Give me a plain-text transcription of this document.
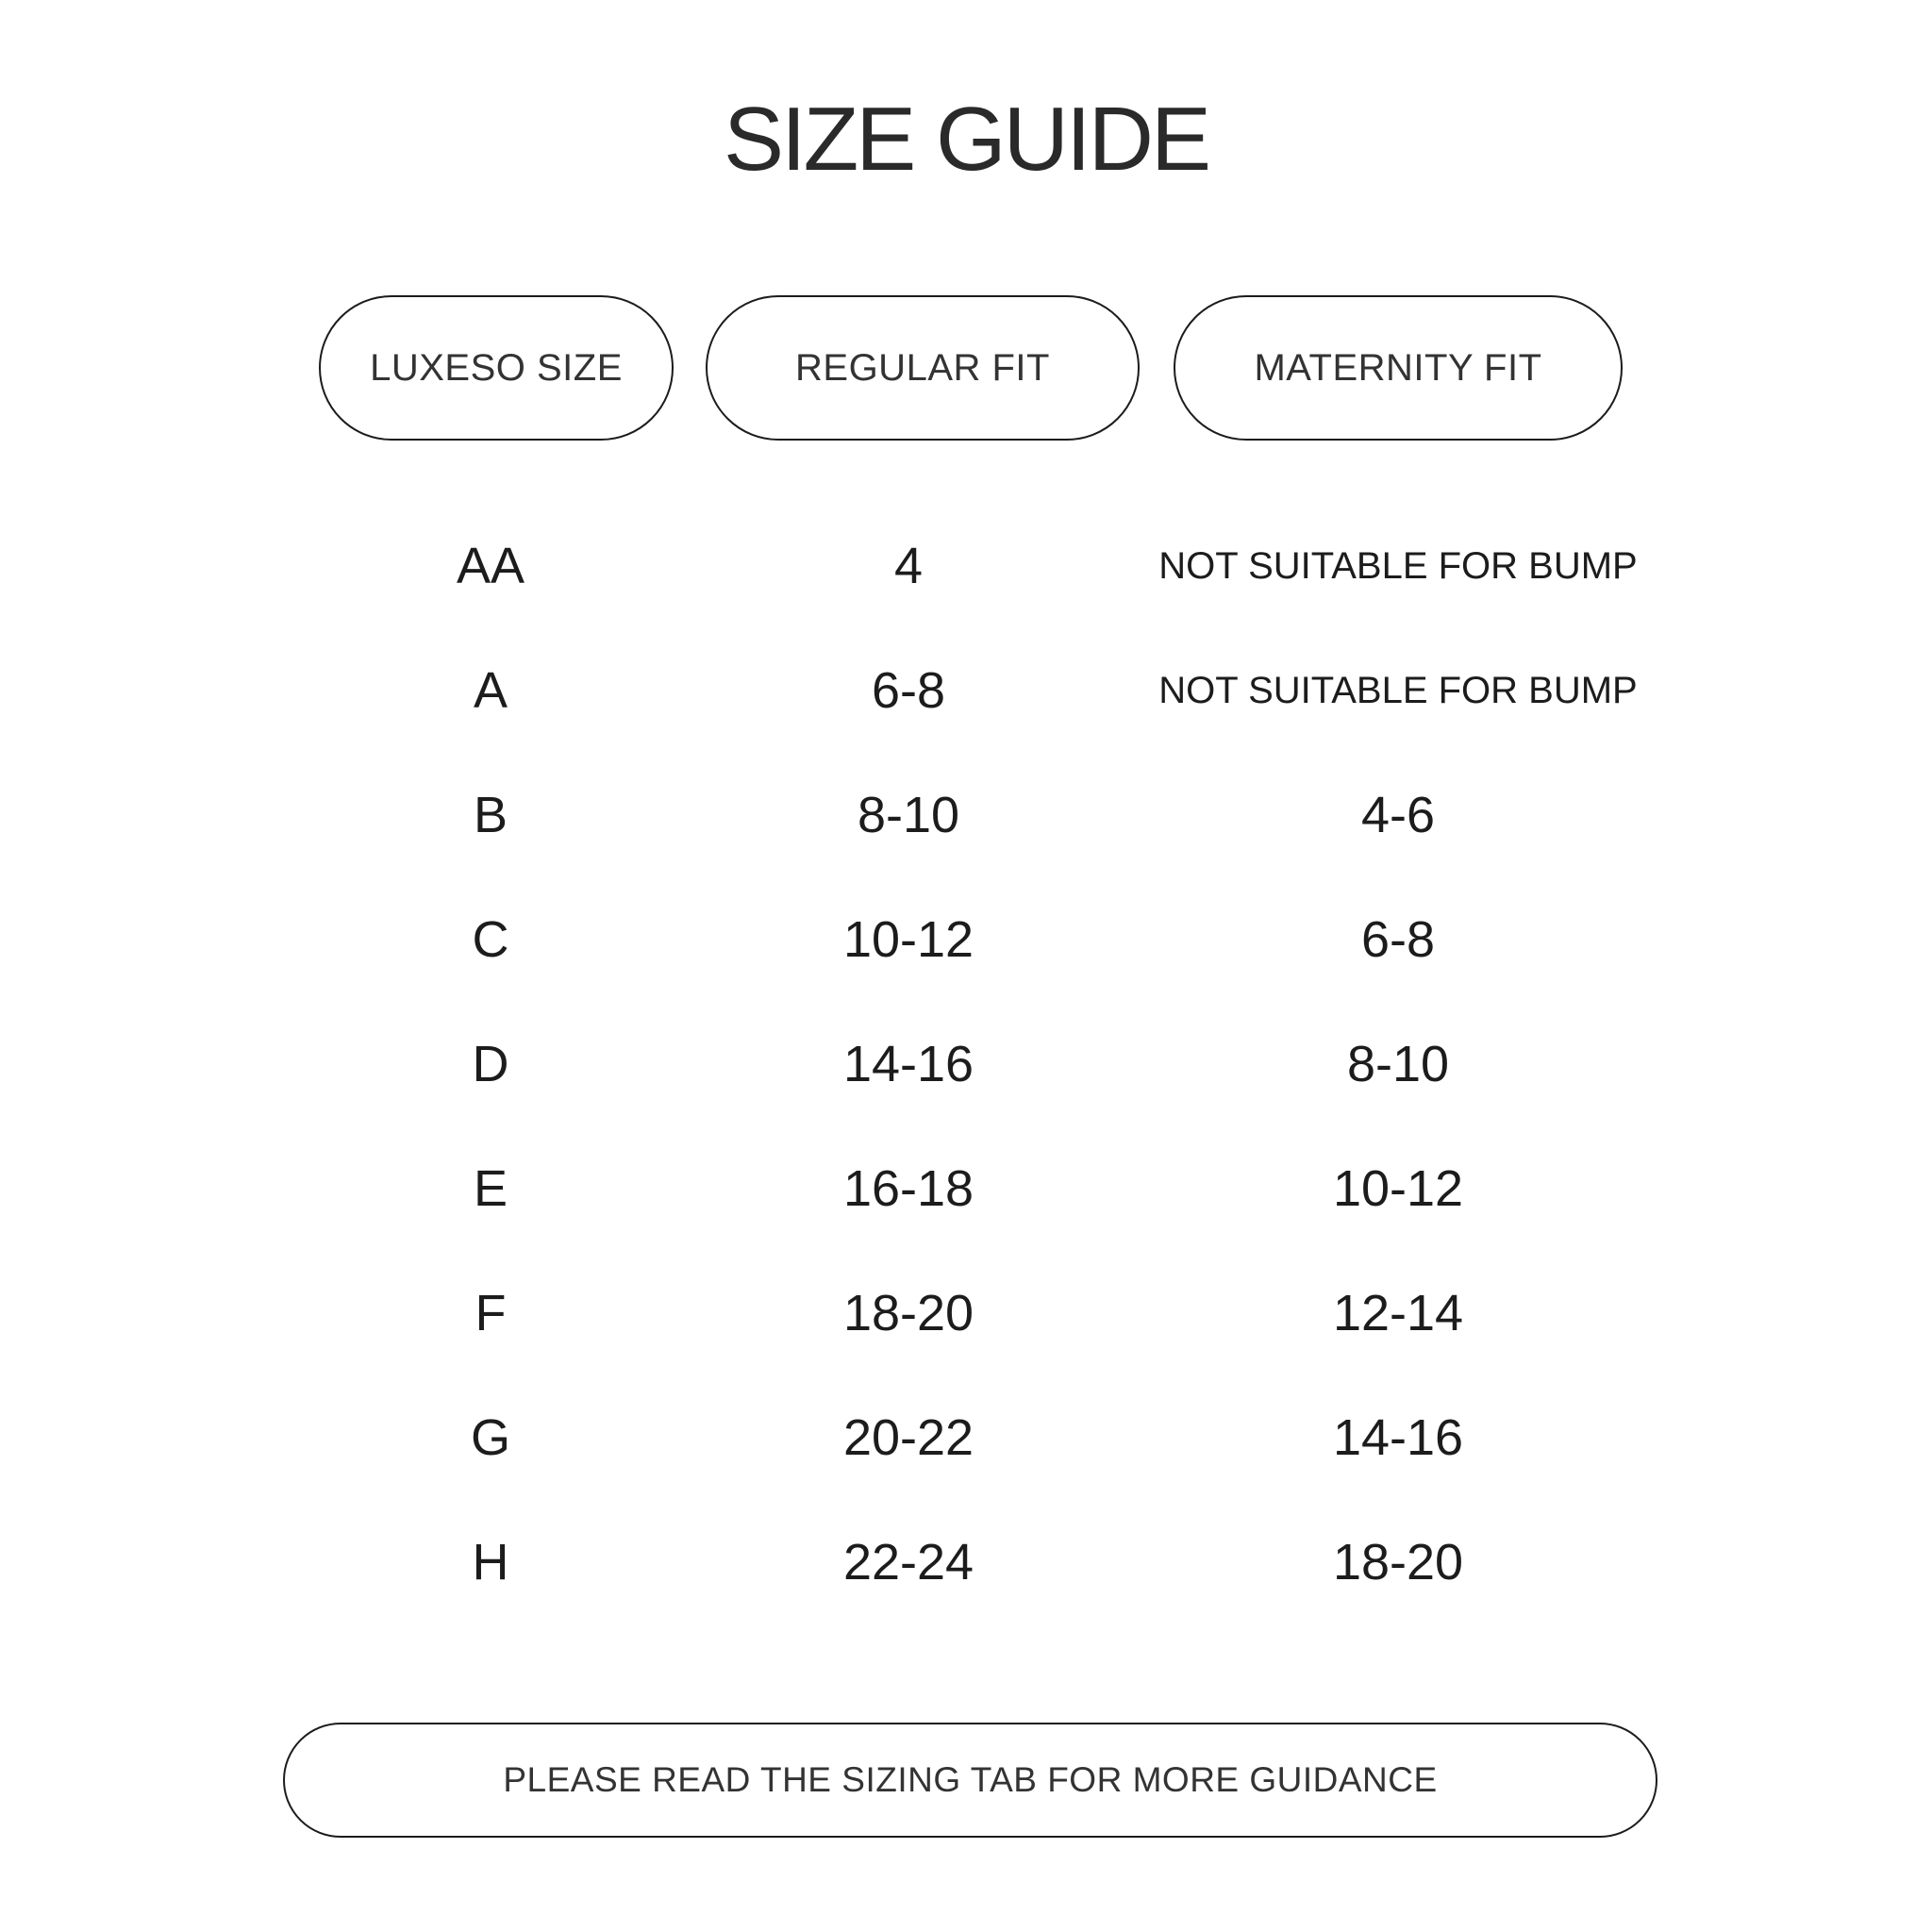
SIZE GUIDE
LUXESO SIZE	REGULAR FIT	MATERNITY FIT
AA	4	NOT SUITABLE FOR BUMP
A	6-8	NOT SUITABLE FOR BUMP
B	8-10	4-6
C	10-12	6-8
D	14-16	8-10
E	16-18	10-12
F	18-20	12-14
G	20-22	14-16
H	22-24	18-20
PLEASE READ THE SIZING TAB FOR MORE GUIDANCE
